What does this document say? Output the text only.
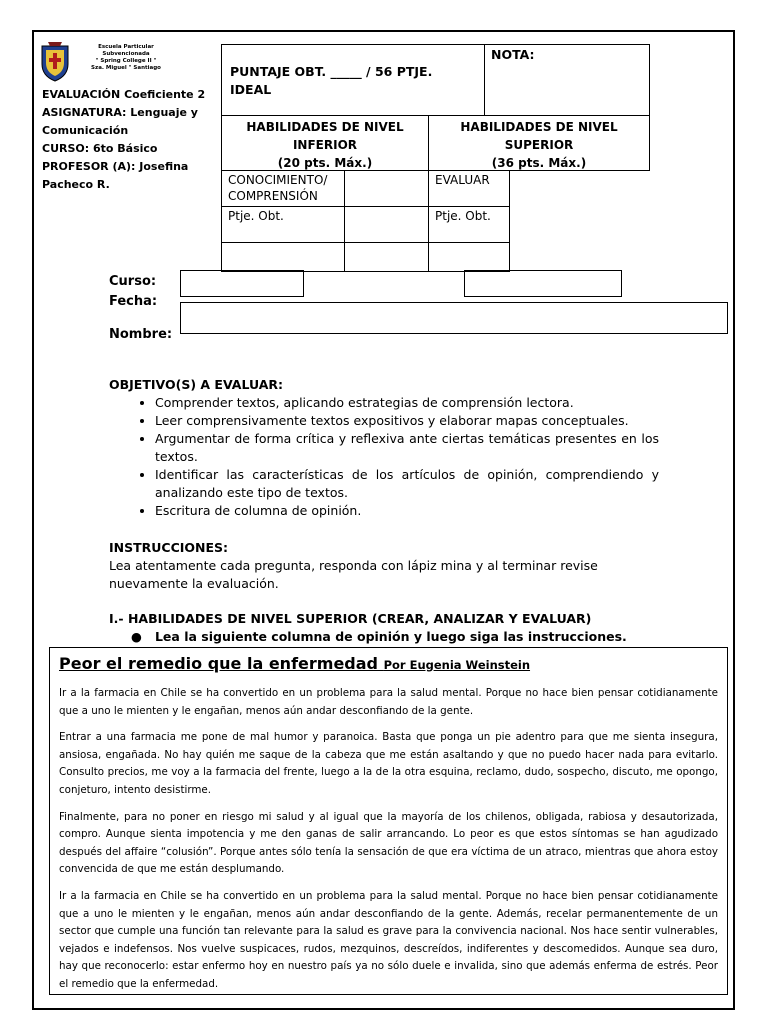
Escuela Particular Subvencionada
" Spring College II "
Sza. Miguel " Santiago
EVALUACIÓN Coeficiente 2
ASIGNATURA: Lenguaje y Comunicación
CURSO: 6to Básico
PROFESOR (A): Josefina Pacheco R.
PUNTAJE OBT. _____ / 56 PTJE.
IDEAL
NOTA:
HABILIDADES DE NIVEL INFERIOR
(20 pts. Máx.)
HABILIDADES DE NIVEL SUPERIOR
(36 pts. Máx.)
CONOCIMIENTO/ COMPRENSIÓN
EVALUAR
Ptje. Obt.	Ptje. Obt.
Curso:
Fecha:
Nombre:
OBJETIVO(S) A EVALUAR:
• Comprender textos, aplicando estrategias de comprensión lectora.
• Leer comprensivamente textos expositivos y elaborar mapas conceptuales.
• Argumentar de forma crítica y reflexiva ante ciertas temáticas presentes en los textos.
• Identificar las características de los artículos de opinión, comprendiendo y analizando este tipo de textos.
• Escritura de columna de opinión.
INSTRUCCIONES:
Lea atentamente cada pregunta, responda con lápiz mina y al terminar revise nuevamente la evaluación.
I.- HABILIDADES DE NIVEL SUPERIOR (CREAR, ANALIZAR Y EVALUAR)
●   Lea la siguiente columna de opinión y luego siga las instrucciones.
Peor el remedio que la enfermedad Por Eugenia Weinstein

Ir a la farmacia en Chile se ha convertido en un problema para la salud mental. Porque no hace bien pensar cotidianamente que a uno le mienten y le engañan, menos aún andar desconfiando de la gente.

Entrar a una farmacia me pone de mal humor y paranoica. Basta que ponga un pie adentro para que me sienta insegura, ansiosa, engañada. No hay quién me saque de la cabeza que me están asaltando y que no puedo hacer nada para evitarlo. Consulto precios, me voy a la farmacia del frente, luego a la de la otra esquina, reclamo, dudo, sospecho, discuto, me opongo, conjeturo, intento desistirme.

Finalmente, para no poner en riesgo mi salud y al igual que la mayoría de los chilenos, obligada, rabiosa y desautorizada, compro. Aunque sienta impotencia y me den ganas de salir arrancando. Lo peor es que estos síntomas se han agudizado después del affaire “colusión”. Porque antes sólo tenía la sensación de que era víctima de un atraco, mientras que ahora estoy convencida de que me están desplumando.

Ir a la farmacia en Chile se ha convertido en un problema para la salud mental. Porque no hace bien pensar cotidianamente que a uno le mienten y le engañan, menos aún andar desconfiando de la gente. Además, recelar permanentemente de un sector que cumple una función tan relevante para la salud es grave para la convivencia nacional. Nos hace sentir vulnerables, vejados e indefensos. Nos vuelve suspicaces, rudos, mezquinos, descreídos, indiferentes y descomedidos. Aunque sea duro, hay que reconocerlo: estar enfermo hoy en nuestro país ya no sólo duele e invalida, sino que además enferma de estrés. Peor el remedio que la enfermedad.
